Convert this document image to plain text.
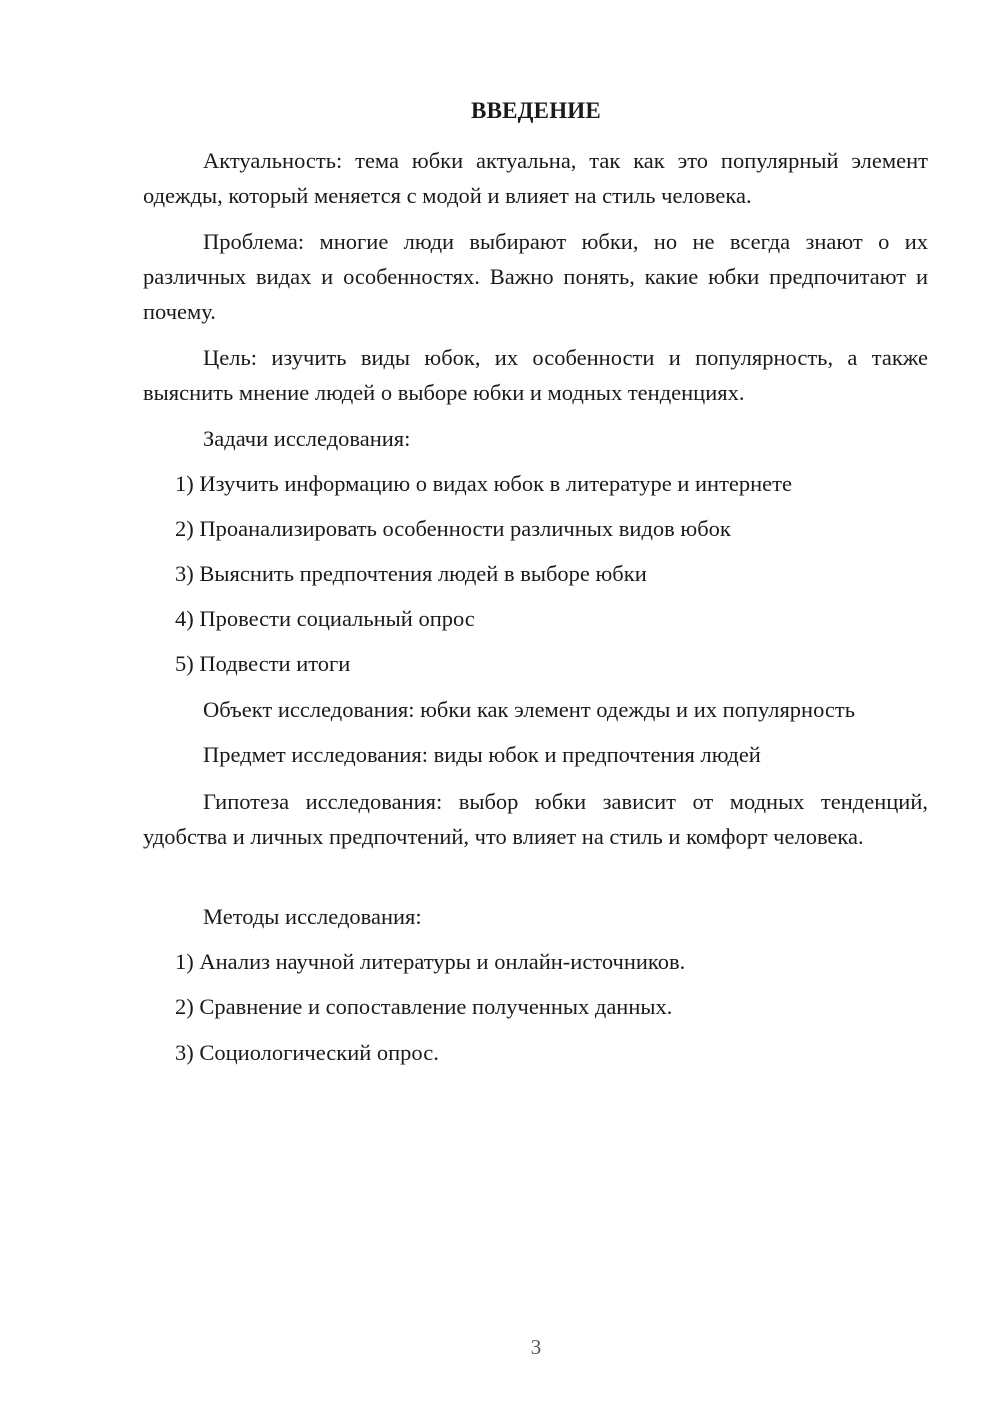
ВВЕДЕНИЕ

Актуальность: тема юбки актуальна, так как это популярный элемент одежды, который меняется с модой и влияет на стиль человека.

Проблема: многие люди выбирают юбки, но не всегда знают о их различных видах и особенностях. Важно понять, какие юбки предпочитают и почему.

Цель: изучить виды юбок, их особенности и популярность, а также выяснить мнение людей о выборе юбки и модных тенденциях.

Задачи исследования:

1) Изучить информацию о видах юбок в литературе и интернете

2) Проанализировать особенности различных видов юбок

3) Выяснить предпочтения людей в выборе юбки

4) Провести социальный опрос

5) Подвести итоги

Объект исследования: юбки как элемент одежды и их популярность

Предмет исследования: виды юбок и предпочтения людей

Гипотеза исследования: выбор юбки зависит от модных тенденций, удобства и личных предпочтений, что влияет на стиль и комфорт человека.

Методы исследования:

1) Анализ научной литературы и онлайн-источников.

2) Сравнение и сопоставление полученных данных.

3) Социологический опрос.

3
